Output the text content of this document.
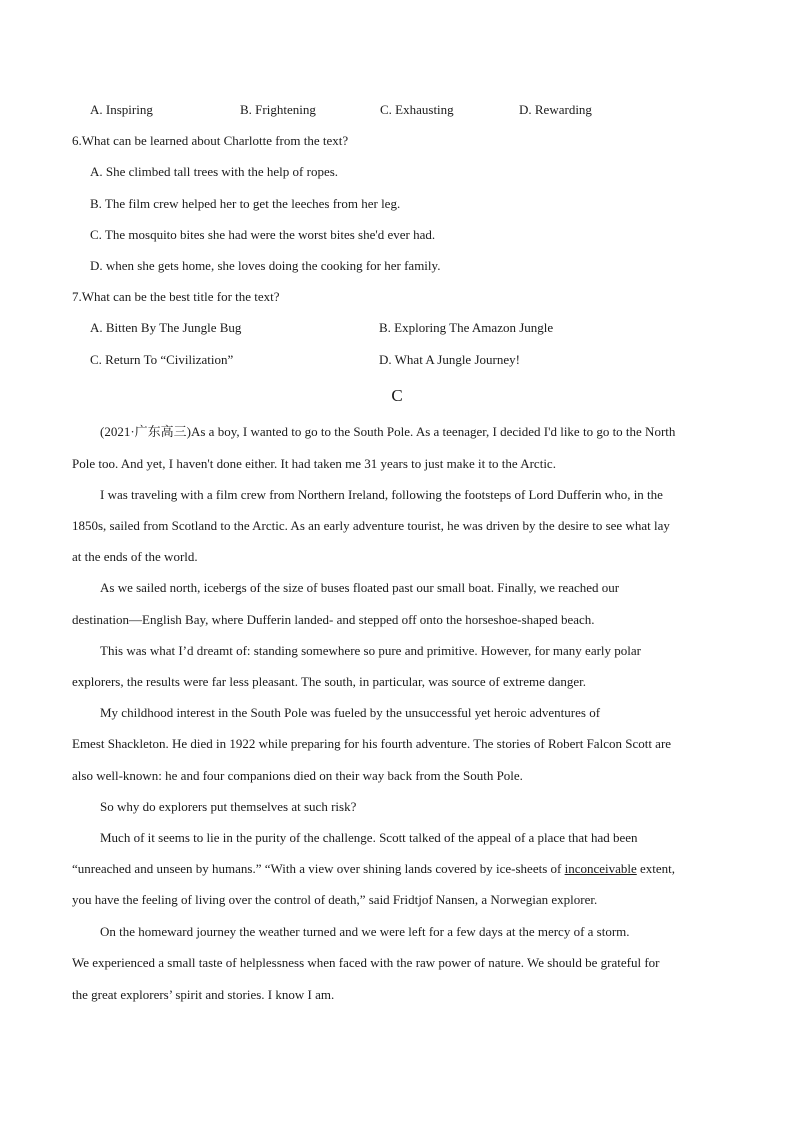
A. Inspiring	B. Frightening	C. Exhausting	D. Rewarding
6.What can be learned about Charlotte from the text?
A. She climbed tall trees with the help of ropes.
B. The film crew helped her to get the leeches from her leg.
C. The mosquito bites she had were the worst bites she'd ever had.
D. when she gets home, she loves doing the cooking for her family.
7.What can be the best title for the text?
A. Bitten By The Jungle Bug	B. Exploring The Amazon Jungle
C. Return To “Civilization”	D. What A Jungle Journey!
C
(2021·广东高三)As a boy, I wanted to go to the South Pole. As a teenager, I decided I'd like to go to the North
Pole too. And yet, I haven't done either. It had taken me 31 years to just make it to the Arctic.
I was traveling with a film crew from Northern Ireland, following the footsteps of Lord Dufferin who, in the
1850s, sailed from Scotland to the Arctic. As an early adventure tourist, he was driven by the desire to see what lay
at the ends of the world.
As we sailed north, icebergs of the size of buses floated past our small boat. Finally, we reached our
destination—English Bay, where Dufferin landed- and stepped off onto the horseshoe-shaped beach.
This was what I’d dreamt of: standing somewhere so pure and primitive. However, for many early polar
explorers, the results were far less pleasant. The south, in particular, was source of extreme danger.
My childhood interest in the South Pole was fueled by the unsuccessful yet heroic adventures of
Emest Shackleton. He died in 1922 while preparing for his fourth adventure. The stories of Robert Falcon Scott are
also well-known: he and four companions died on their way back from the South Pole.
So why do explorers put themselves at such risk?
Much of it seems to lie in the purity of the challenge. Scott talked of the appeal of a place that had been
“unreached and unseen by humans.” “With a view over shining lands covered by ice-sheets of inconceivable extent,
you have the feeling of living over the control of death,” said Fridtjof Nansen, a Norwegian explorer.
On the homeward journey the weather turned and we were left for a few days at the mercy of a storm.
We experienced a small taste of helplessness when faced with the raw power of nature. We should be grateful for
the great explorers’ spirit and stories. I know I am.
